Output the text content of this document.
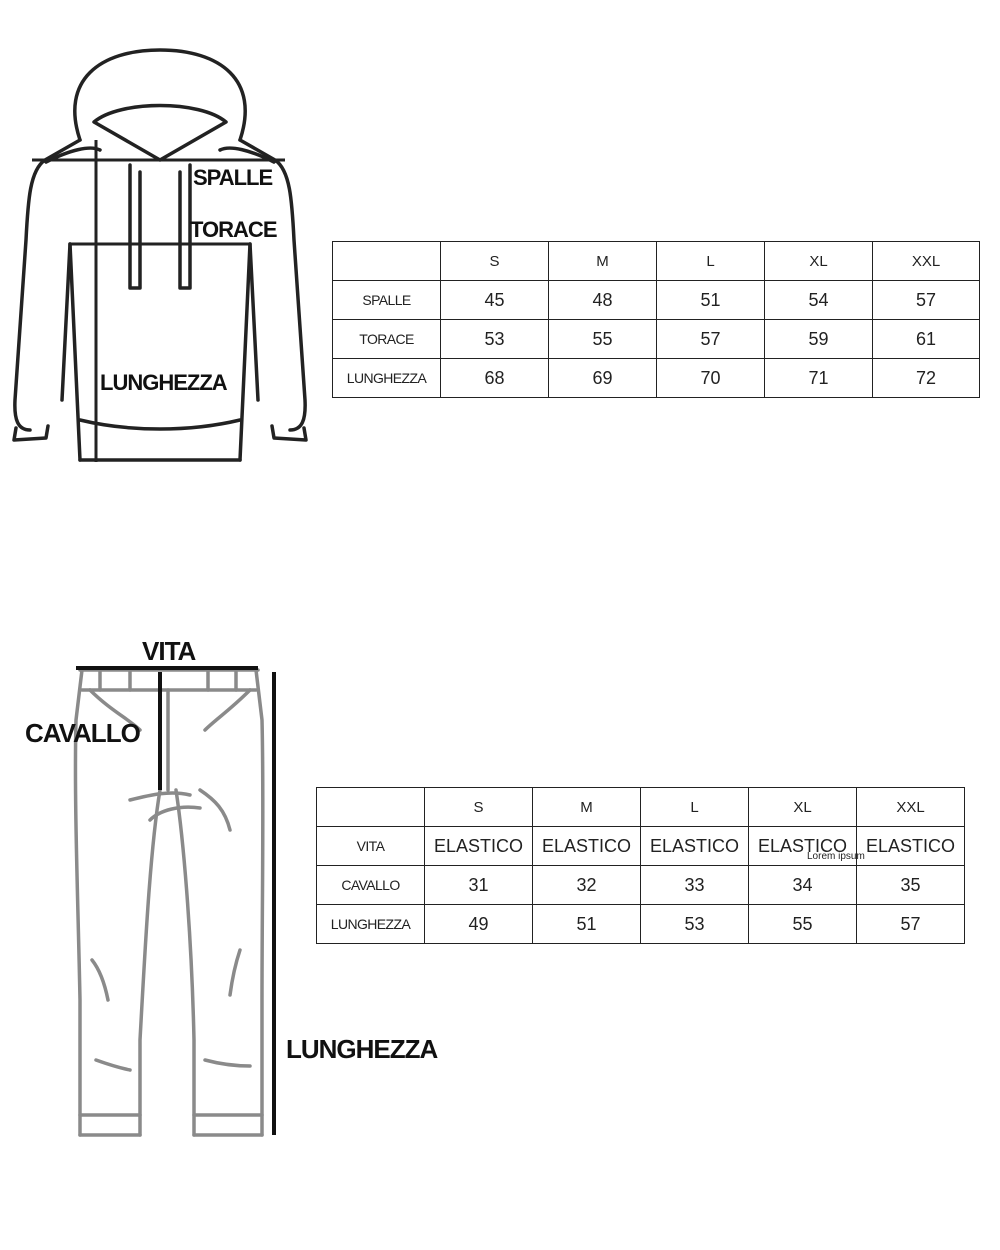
SPALLE
TORACE
LUNGHEZZA
	S	M	L	XL	XXL
SPALLE	45	48	51	54	57
TORACE	53	55	57	59	61
LUNGHEZZA	68	69	70	71	72
VITA
CAVALLO
LUNGHEZZA
	S	M	L	XL	XXL
VITA	ELASTICO	ELASTICO	ELASTICO	ELASTICO	ELASTICO
CAVALLO	31	32	33	34	35
LUNGHEZZA	49	51	53	55	57
Lorem ipsum
